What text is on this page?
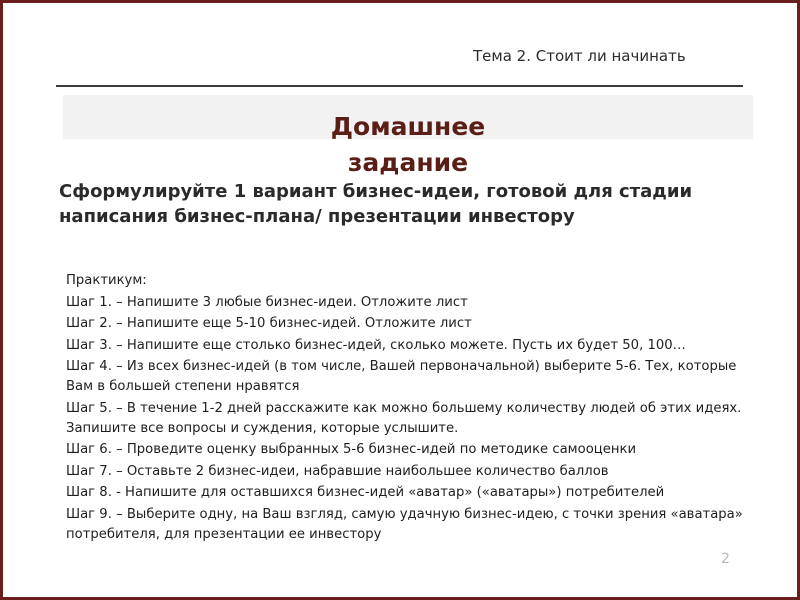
Тема 2. Стоит ли начинать
Домашнее
задание
Сформулируйте 1 вариант бизнес-идеи, готовой для стадии
написания бизнес-плана/ презентации инвестору

Практикум:

Шаг 1. – Напишите 3 любые бизнес-идеи. Отложите лист

Шаг 2. – Напишите еще 5-10 бизнес-идей. Отложите лист

Шаг 3. – Напишите еще столько бизнес-идей, сколько можете. Пусть их будет 50, 100…

Шаг 4. – Из всех бизнес-идей (в том числе, Вашей первоначальной) выберите 5-6. Тех, которые Вам в большей степени нравятся

Шаг 5. – В течение 1-2 дней расскажите как можно большему количеству людей об этих идеях. Запишите все вопросы и суждения, которые услышите.

Шаг 6. – Проведите оценку выбранных 5-6 бизнес-идей по методике самооценки

Шаг 7. – Оставьте 2 бизнес-идеи, набравшие наибольшее количество баллов

Шаг 8. - Напишите для оставшихся бизнес-идей «аватар» («аватары») потребителей

Шаг 9. – Выберите одну, на Ваш взгляд, самую удачную бизнес-идею, с точки зрения «аватара» потребителя, для презентации ее инвестору

2
